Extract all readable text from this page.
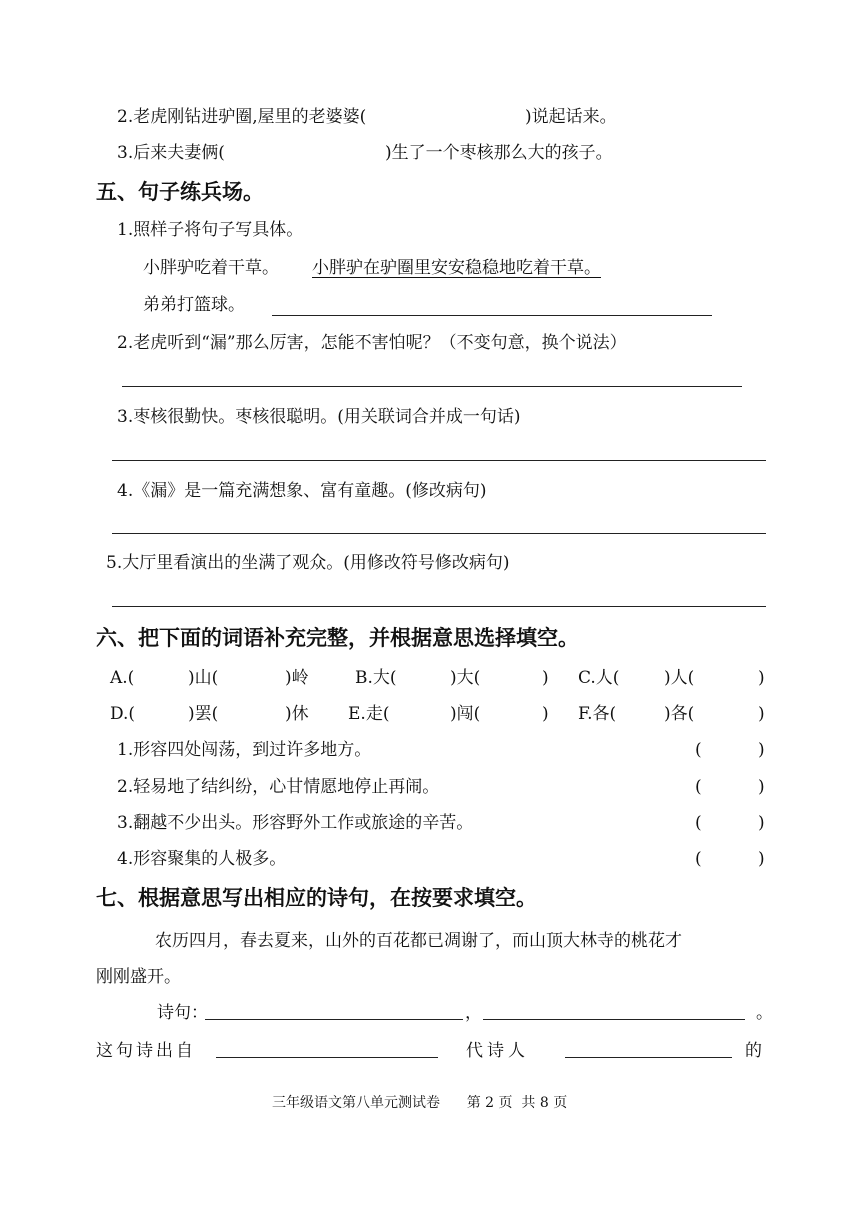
2.老虎刚钻进驴圈,屋里的老婆婆(	)说起话来。
3.后来夫妻俩(	)生了一个枣核那么大的孩子。
五、句子练兵场。
1.照样子将句子写具体。
小胖驴吃着干草。 小胖驴在驴圈里安安稳稳地吃着干草。
弟弟打篮球。
2.老虎听到“漏”那么厉害，怎能不害怕呢？（不变句意，换个说法）
3.枣核很勤快。枣核很聪明。(用关联词合并成一句话)
4.《漏》是一篇充满想象、富有童趣。(修改病句)
5.大厅里看演出的坐满了观众。(用修改符号修改病句)
六、把下面的词语补充完整，并根据意思选择填空。
A.(	)山(	)岭	B.大(	)大(	) C.人(	)人(	)
D.(	)罢(	)休 E.走(	)闯(	) F.各(	)各(	)
1.形容四处闯荡，到过许多地方。	(	)
2.轻易地了结纠纷，心甘情愿地停止再闹。	(	)
3.翻越不少出头。形容野外工作或旅途的辛苦。	(	)
4.形容聚集的人极多。	(	)
七、根据意思写出相应的诗句，在按要求填空。
农历四月，春去夏来，山外的百花都已凋谢了，而山顶大林寺的桃花才
刚刚盛开。
诗句：	，	。
这句诗出自	代诗人	的
三年级语文第八单元测试卷      第 2 页  共 8 页
